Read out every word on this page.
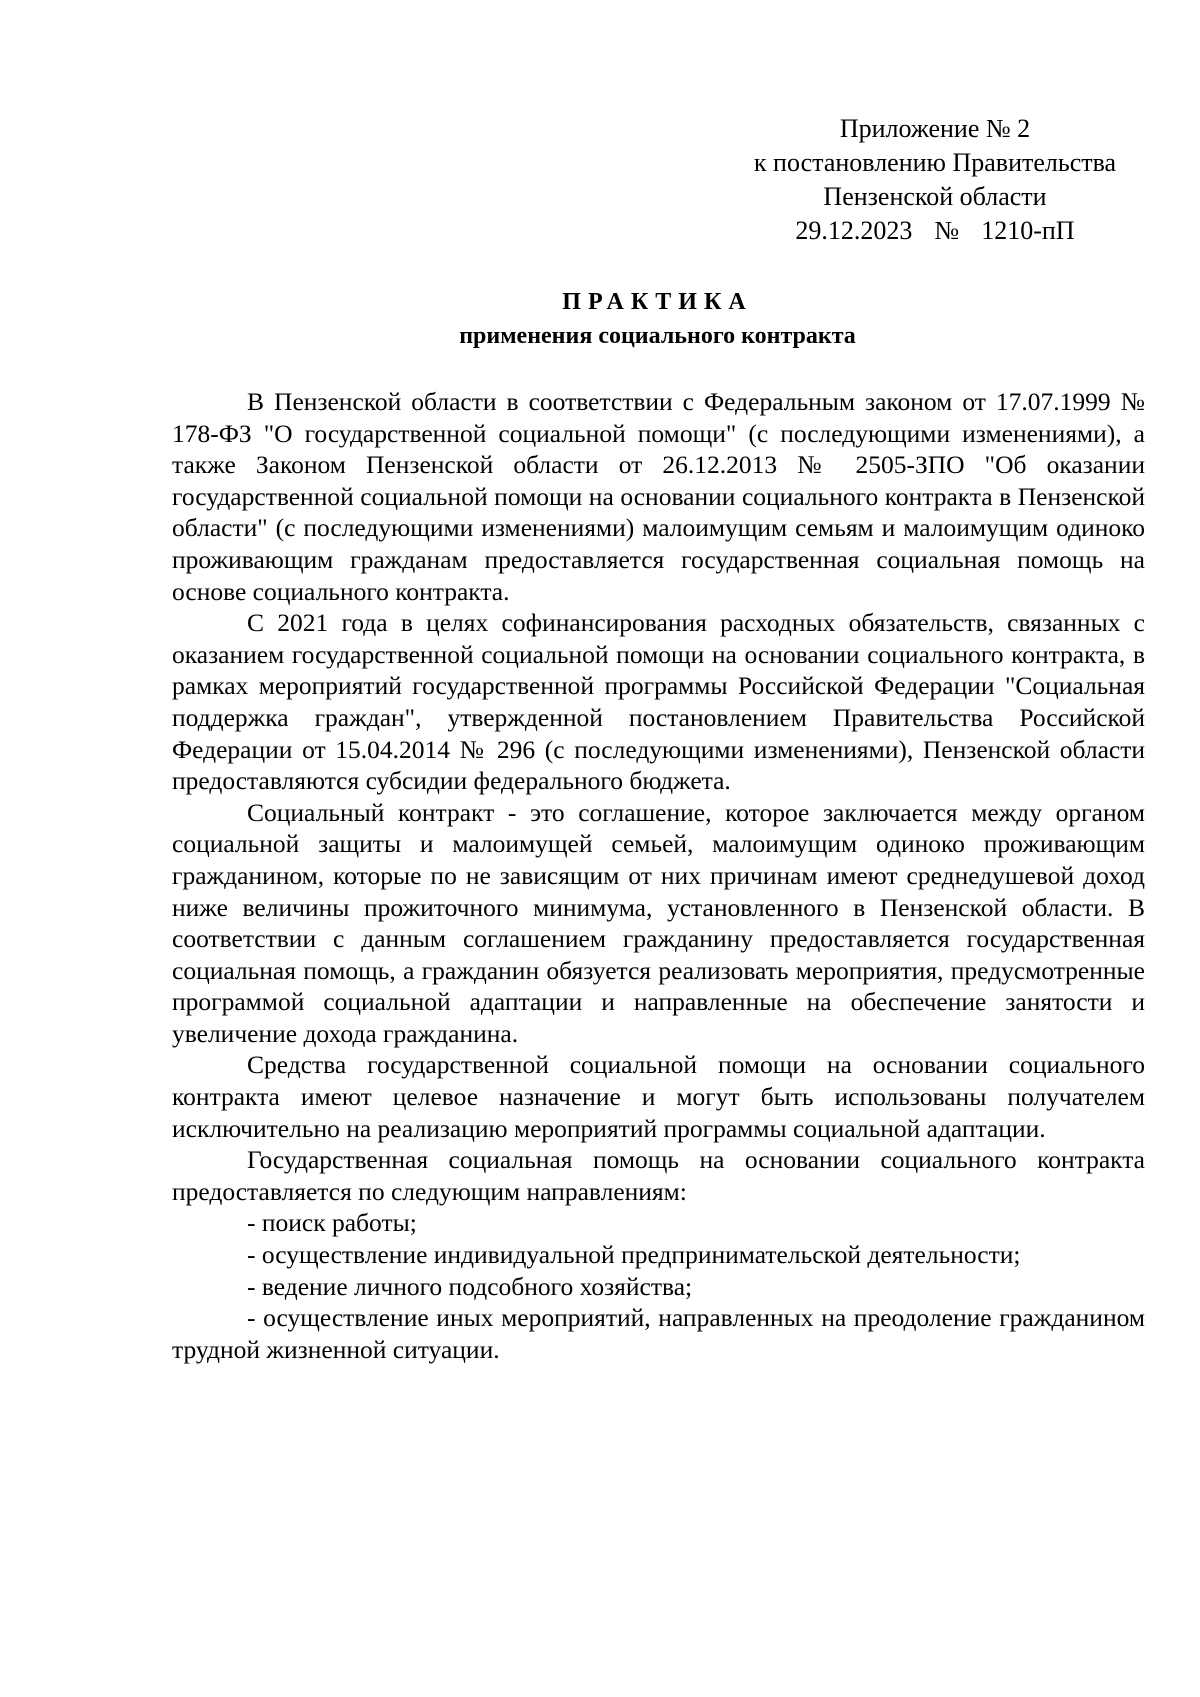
Приложение № 2
к постановлению Правительства
Пензенской области
29.12.2023 № 1210-пП
ПРАКТИКА
применения социального контракта

В Пензенской области в соответствии с Федеральным законом от 17.07.1999 № 178-ФЗ "О государственной социальной помощи" (с последующими изменениями), а также Законом Пензенской области от 26.12.2013 № 2505-ЗПО "Об оказании государственной социальной помощи на основании социального контракта в Пензенской области" (с последующими изменениями) малоимущим семьям и малоимущим одиноко проживающим гражданам предоставляется государственная социальная помощь на основе социального контракта.

С 2021 года в целях софинансирования расходных обязательств, связанных с оказанием государственной социальной помощи на основании социального контракта, в рамках мероприятий государственной программы Российской Федерации "Социальная поддержка граждан", утвержденной постановлением Правительства Российской Федерации от 15.04.2014 № 296 (с последующими изменениями), Пензенской области предоставляются субсидии федерального бюджета.

Социальный контракт - это соглашение, которое заключается между органом социальной защиты и малоимущей семьей, малоимущим одиноко проживающим гражданином, которые по не зависящим от них причинам имеют среднедушевой доход ниже величины прожиточного минимума, установленного в Пензенской области. В соответствии с данным соглашением гражданину предоставляется государственная социальная помощь, а гражданин обязуется реализовать мероприятия, предусмотренные программой социальной адаптации и направленные на обеспечение занятости и увеличение дохода гражданина.

Средства государственной социальной помощи на основании социального контракта имеют целевое назначение и могут быть использованы получателем исключительно на реализацию мероприятий программы социальной адаптации.

Государственная социальная помощь на основании социального контракта предоставляется по следующим направлениям:

- поиск работы;

- осуществление индивидуальной предпринимательской деятельности;

- ведение личного подсобного хозяйства;

- осуществление иных мероприятий, направленных на преодоление гражданином трудной жизненной ситуации.
